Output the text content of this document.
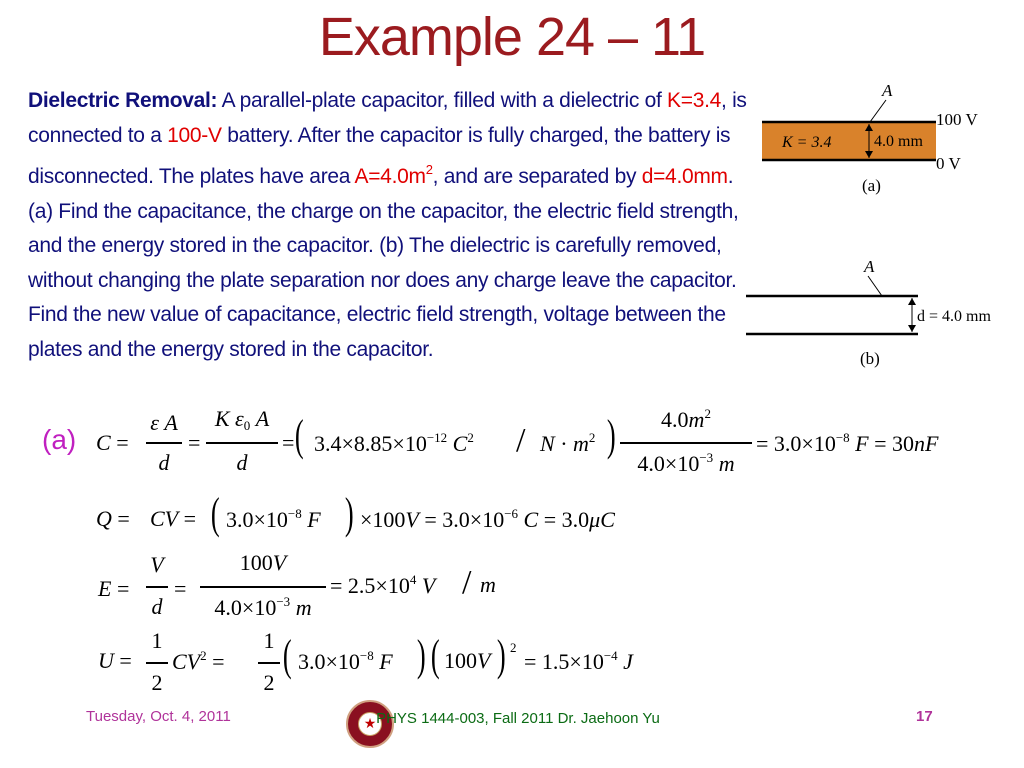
Example 24 – 11
Dielectric Removal: A parallel-plate capacitor, filled with a dielectric of K=3.4, is connected to a 100-V battery. After the capacitor is fully charged, the battery is disconnected. The plates have area $A=4.0m^2$, and are separated by d=4.0mm. (a) Find the capacitance, the charge on the capacitor, the electric field strength, and the energy stored in the capacitor. (b) The dielectric is carefully removed, without changing the plate separation nor does any charge leave the capacitor. Find the new value of capacitance, electric field strength, voltage between the plates and the energy stored in the capacitor.
A
K = 3.4	4.0 mm
100 V
0 V
(a)
A
d = 4.0 mm
(b)
(a) C =
ε A
d
=
K $\varepsilon_0$ A
d
= ( $3.4\times 8.85\times 10^{-12}$ $C^2 / N \cdot m^2$ )	$4.0m^2$
$4.0\times 10^{-3}$ m
= $3.0\times 10^{-8}$ F = 30nF
Q = CV = ( $3.0\times 10^{-8}$ F ) $\times 100V = 3.0\times 10^{-6}$ C = 3.0μC
E =
V
d
=
100V
$4.0\times 10^{-3}$ m
= $2.5\times 10^4$ V / m
U =
1
2
$CV^2$ =
1
2
( $3.0\times 10^{-8}$ F ) ( 100V ) $^2$
= $1.5\times 10^{-4}$ J
Tuesday, Oct. 4, 2011	★ PHYS 1444-003, Fall 2011 Dr. Jaehoon Yu	17
